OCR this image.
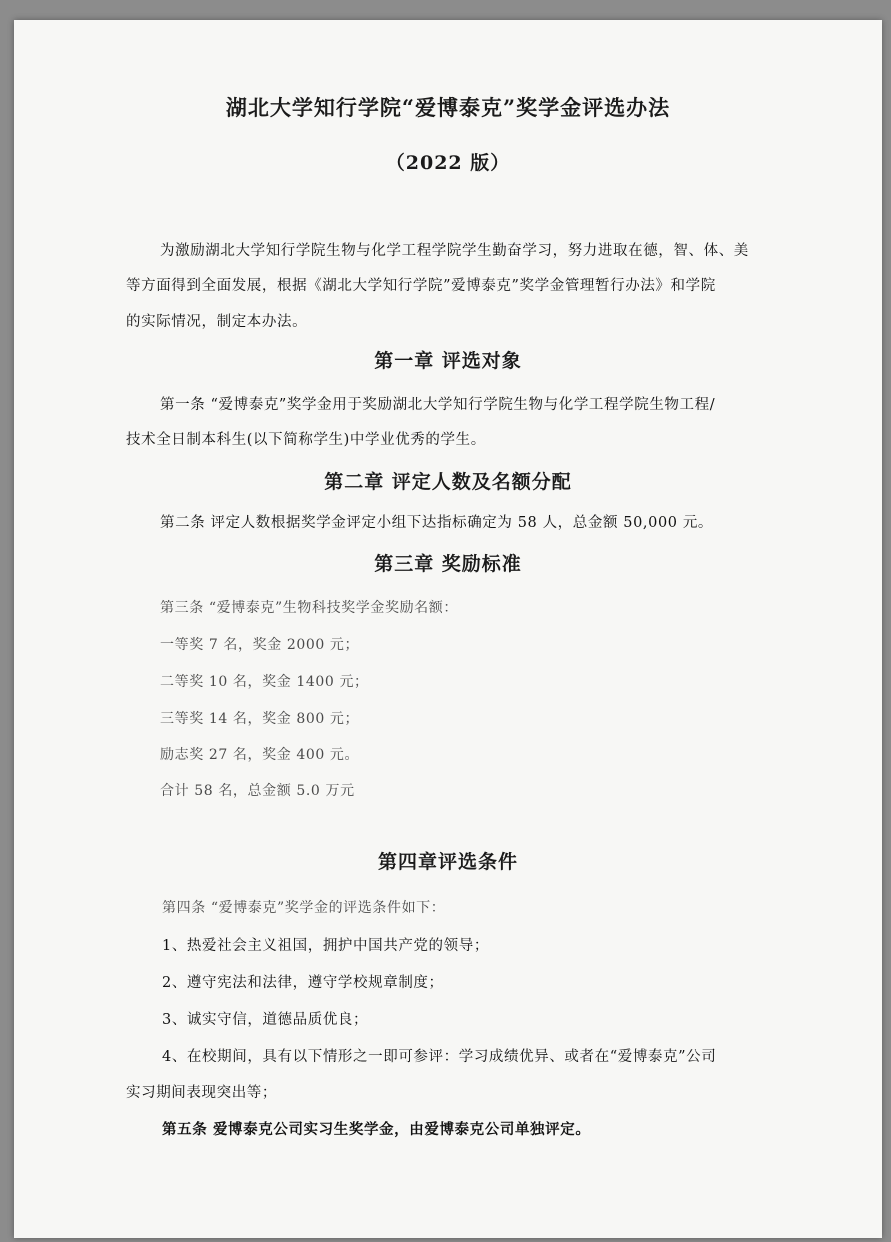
湖北大学知行学院“爱博泰克”奖学金评选办法
（2022 版）
为激励湖北大学知行学院生物与化学工程学院学生勤奋学习，努力进取在德，智、体、美
等方面得到全面发展，根据《湖北大学知行学院”爱博泰克”奖学金管理暂行办法》和学院
的实际情况，制定本办法。
第一章 评选对象
第一条 “爱博泰克”奖学金用于奖励湖北大学知行学院生物与化学工程学院生物工程/
技术全日制本科生(以下简称学生)中学业优秀的学生。
第二章 评定人数及名额分配
第二条 评定人数根据奖学金评定小组下达指标确定为 58 人，总金额 50,000 元。
第三章 奖励标准
第三条 “爱博泰克”生物科技奖学金奖励名额：
一等奖 7 名，奖金 2000 元；
二等奖 10 名，奖金 1400 元；
三等奖 14 名，奖金 800 元；
励志奖 27 名，奖金 400 元。
合计 58 名，总金额 5.0 万元
第四章评选条件
第四条 “爱博泰克”奖学金的评选条件如下：
1、热爱社会主义祖国，拥护中国共产党的领导；
2、遵守宪法和法律，遵守学校规章制度；
3、诚实守信，道德品质优良；
4、在校期间，具有以下情形之一即可参评：学习成绩优异、或者在“爱博泰克”公司
实习期间表现突出等；
第五条 爱博泰克公司实习生奖学金，由爱博泰克公司单独评定。
